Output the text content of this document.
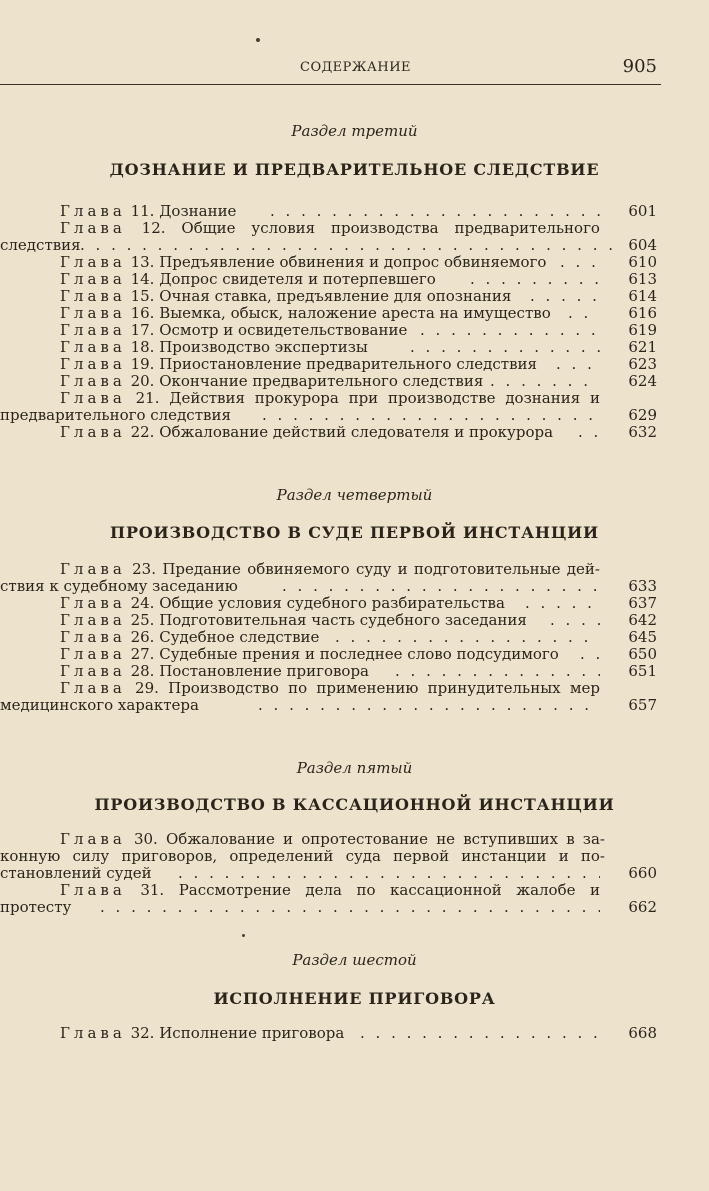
СОДЕРЖАНИЕ	905
Раздел третий
ДОЗНАНИЕ И ПРЕДВАРИТЕЛЬНОЕ СЛЕДСТВИЕ
Глава 11. Дознание . . .	601
Глава 12. Общие условия производства предварительного
следствия . . .	604
Глава 13. Предъявление обвинения и допрос обвиняемого . . .	610
Глава 14. Допрос свидетеля и потерпевшего . . .	613
Глава 15. Очная ставка, предъявление для опознания . . .	614
Глава 16. Выемка, обыск, наложение ареста на имущество . . .	616
Глава 17. Осмотр и освидетельствование . . .	619
Глава 18. Производство экспертизы . . .	621
Глава 19. Приостановление предварительного следствия . . .	623
Глава 20. Окончание предварительного следствия . . .	624
Глава 21. Действия прокурора при производстве дознания и
предварительного следствия . . .	629
Глава 22. Обжалование действий следователя и прокурора . . .	632
Раздел четвертый
ПРОИЗВОДСТВО В СУДЕ ПЕРВОЙ ИНСТАНЦИИ
Глава 23. Предание обвиняемого суду и подготовительные дей-
ствия к судебному заседанию . . .	633
Глава 24. Общие условия судебного разбирательства . . .	637
Глава 25. Подготовительная часть судебного заседания . . .	642
Глава 26. Судебное следствие . . .	645
Глава 27. Судебные прения и последнее слово подсудимого . . .	650
Глава 28. Постановление приговора . . .	651
Глава 29. Производство по применению принудительных мер
медицинского характера . . .	657
Раздел пятый
ПРОИЗВОДСТВО В КАССАЦИОННОЙ ИНСТАНЦИИ
Глава 30. Обжалование и опротестование не вступивших в за-
конную силу приговоров, определений суда первой инстанции и по-
становлений судей . . .	660
Глава 31. Рассмотрение дела по кассационной жалобе и
протесту . . .	662
Раздел шестой
ИСПОЛНЕНИЕ ПРИГОВОРА
Глава 32. Исполнение приговора . . .	668
